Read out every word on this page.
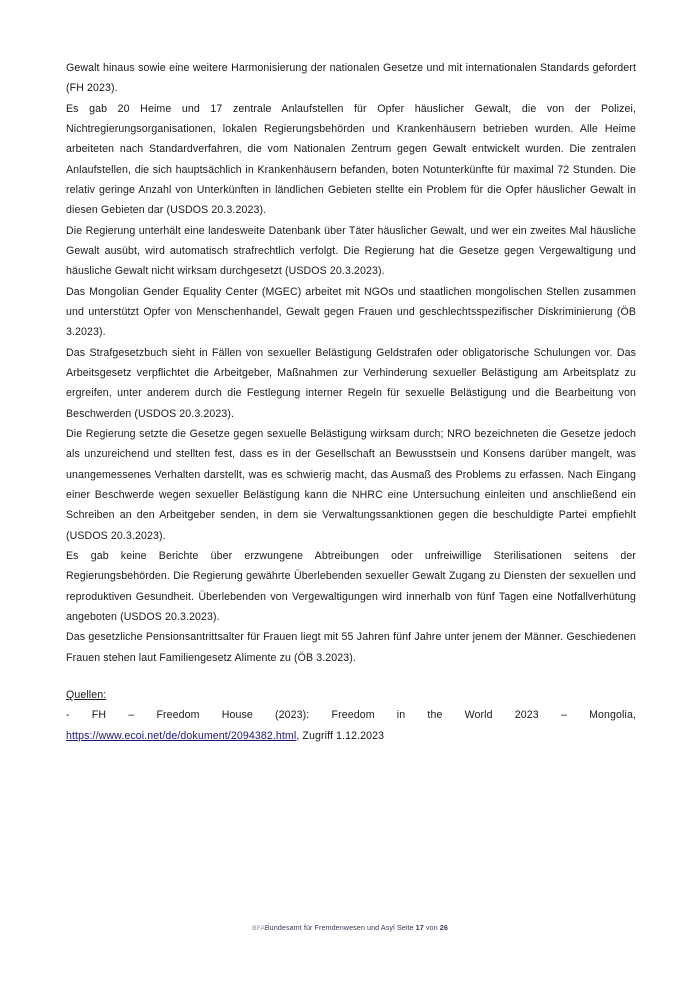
Gewalt hinaus sowie eine weitere Harmonisierung der nationalen Gesetze und mit internationalen Standards gefordert (FH 2023).

Es gab 20 Heime und 17 zentrale Anlaufstellen für Opfer häuslicher Gewalt, die von der Polizei, Nichtregierungsorganisationen, lokalen Regierungsbehörden und Krankenhäusern betrieben wurden. Alle Heime arbeiteten nach Standardverfahren, die vom Nationalen Zentrum gegen Gewalt entwickelt wurden. Die zentralen Anlaufstellen, die sich hauptsächlich in Krankenhäusern befanden, boten Notunterkünfte für maximal 72 Stunden. Die relativ geringe Anzahl von Unterkünften in ländlichen Gebieten stellte ein Problem für die Opfer häuslicher Gewalt in diesen Gebieten dar (USDOS 20.3.2023).

Die Regierung unterhält eine landesweite Datenbank über Täter häuslicher Gewalt, und wer ein zweites Mal häusliche Gewalt ausübt, wird automatisch strafrechtlich verfolgt. Die Regierung hat die Gesetze gegen Vergewaltigung und häusliche Gewalt nicht wirksam durchgesetzt (USDOS 20.3.2023).

Das Mongolian Gender Equality Center (MGEC) arbeitet mit NGOs und staatlichen mongolischen Stellen zusammen und unterstützt Opfer von Menschenhandel, Gewalt gegen Frauen und geschlechtsspezifischer Diskriminierung (ÖB 3.2023).

Das Strafgesetzbuch sieht in Fällen von sexueller Belästigung Geldstrafen oder obligatorische Schulungen vor. Das Arbeitsgesetz verpflichtet die Arbeitgeber, Maßnahmen zur Verhinderung sexueller Belästigung am Arbeitsplatz zu ergreifen, unter anderem durch die Festlegung interner Regeln für sexuelle Belästigung und die Bearbeitung von Beschwerden (USDOS 20.3.2023).

Die Regierung setzte die Gesetze gegen sexuelle Belästigung wirksam durch; NRO bezeichneten die Gesetze jedoch als unzureichend und stellten fest, dass es in der Gesellschaft an Bewusstsein und Konsens darüber mangelt, was unangemessenes Verhalten darstellt, was es schwierig macht, das Ausmaß des Problems zu erfassen. Nach Eingang einer Beschwerde wegen sexueller Belästigung kann die NHRC eine Untersuchung einleiten und anschließend ein Schreiben an den Arbeitgeber senden, in dem sie Verwaltungssanktionen gegen die beschuldigte Partei empfiehlt (USDOS 20.3.2023).

Es gab keine Berichte über erzwungene Abtreibungen oder unfreiwillige Sterilisationen seitens der Regierungsbehörden. Die Regierung gewährte Überlebenden sexueller Gewalt Zugang zu Diensten der sexuellen und reproduktiven Gesundheit. Überlebenden von Vergewaltigungen wird innerhalb von fünf Tagen eine Notfallverhütung angeboten (USDOS 20.3.2023).

Das gesetzliche Pensionsantrittsalter für Frauen liegt mit 55 Jahren fünf Jahre unter jenem der Männer. Geschiedenen Frauen stehen laut Familiengesetz Alimente zu (ÖB 3.2023).

Quellen:
- FH – Freedom House (2023): Freedom in the World 2023 – Mongolia,
https://www.ecoi.net/de/dokument/2094382.html, Zugriff 1.12.2023
BFABundesamt für Fremdenwesen und Asyl Seite 17 von 26
